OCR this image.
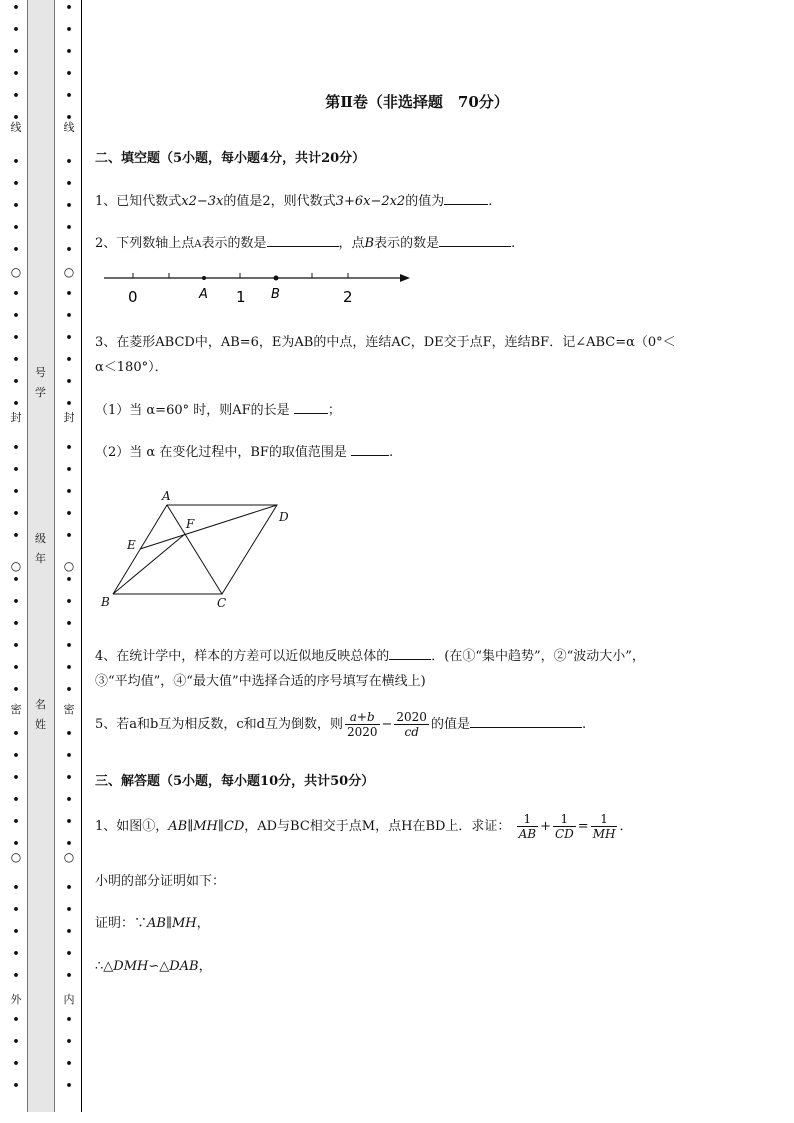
•
•
•
•
•
•
•
•
•
•
•
•
•
•
•
•
•
•
•
•
•
•
•
•
•
•
•
•
•
•
•
•
•
•
•
•
•
•
•
•
•
•
•
线
○
封
○
密
○
外
•
•
•
•
•
•
•
•
•
•
•
•
•
•
•
•
•
•
•
•
•
•
•
•
•
•
•
•
•
•
•
•
•
•
•
•
•
•
•
•
•
•
•
线
○
封
○
密
○
内
号
学
级
年
名
姓
第Ⅱ卷（非选择题　70分）
二、填空题（5小题，每小题4分，共计20分）
1、已知代数式x2−3x的值是2，则代数式3+6x−2x2的值为	.
2、下列数轴上点A表示的数是	，点B表示的数是	.
0	A 1 B	2
3、在菱形ABCD中，AB=6，E为AB的中点，连结AC，DE交于点F，连结BF．记∠ABC=α（0°＜
α＜180°）．
（1）当 α=60° 时，则AF的长是	；
（2）当 α 在变化过程中，BF的取值范围是	.
A
D
F
E
B	C
4、在统计学中，样本的方差可以近似地反映总体的	．(在①“集中趋势”，②“波动大小”，
③“平均值”，④“最大值”中选择合适的序号填写在横线上)
5、若a和b互为相反数，c和d互为倒数，则 $\frac{a+b}{2020} - \frac{2020}{cd}$ 的值是	.
三、解答题（5小题，每小题10分，共计50分）
1、如图①，AB∥MH∥CD，AD与BC相交于点M，点H在BD上．求证： $\frac{1}{AB} + \frac{1}{CD} = \frac{1}{MH}$ ．
小明的部分证明如下：
证明：∵AB∥MH，
∴△DMH∽△DAB，
